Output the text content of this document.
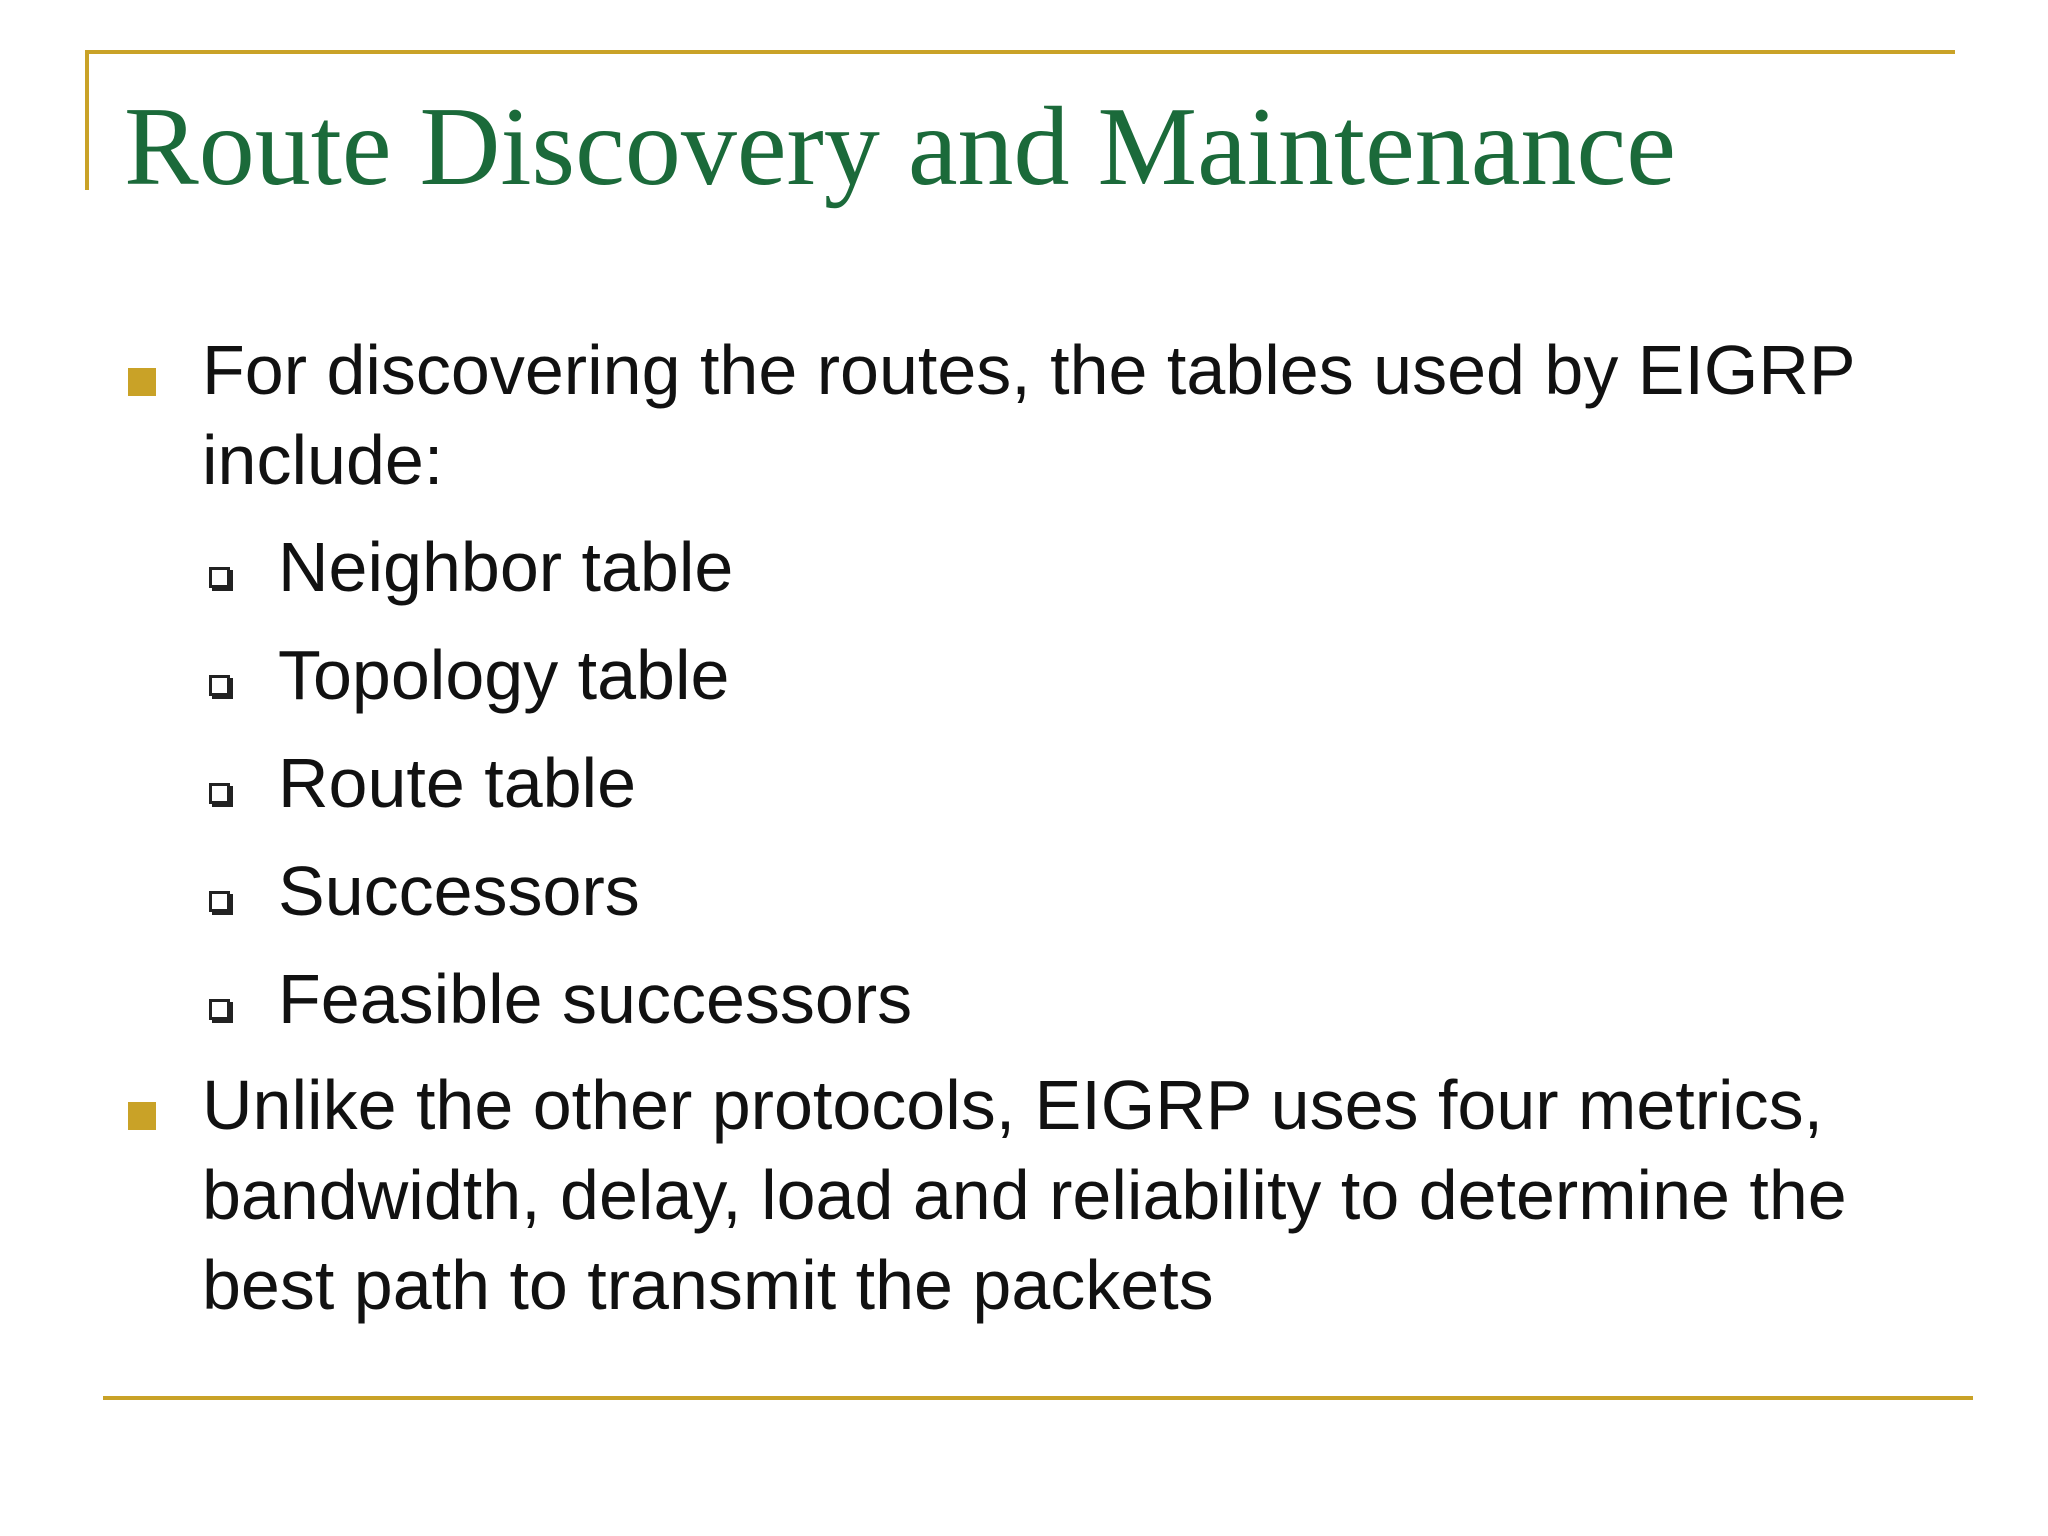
Route Discovery and Maintenance
For discovering the routes, the tables used by EIGRP include:
Neighbor table
Topology table
Route table
Successors
Feasible successors
Unlike the other protocols, EIGRP uses four metrics, bandwidth, delay, load and reliability to determine the best path to transmit the packets
